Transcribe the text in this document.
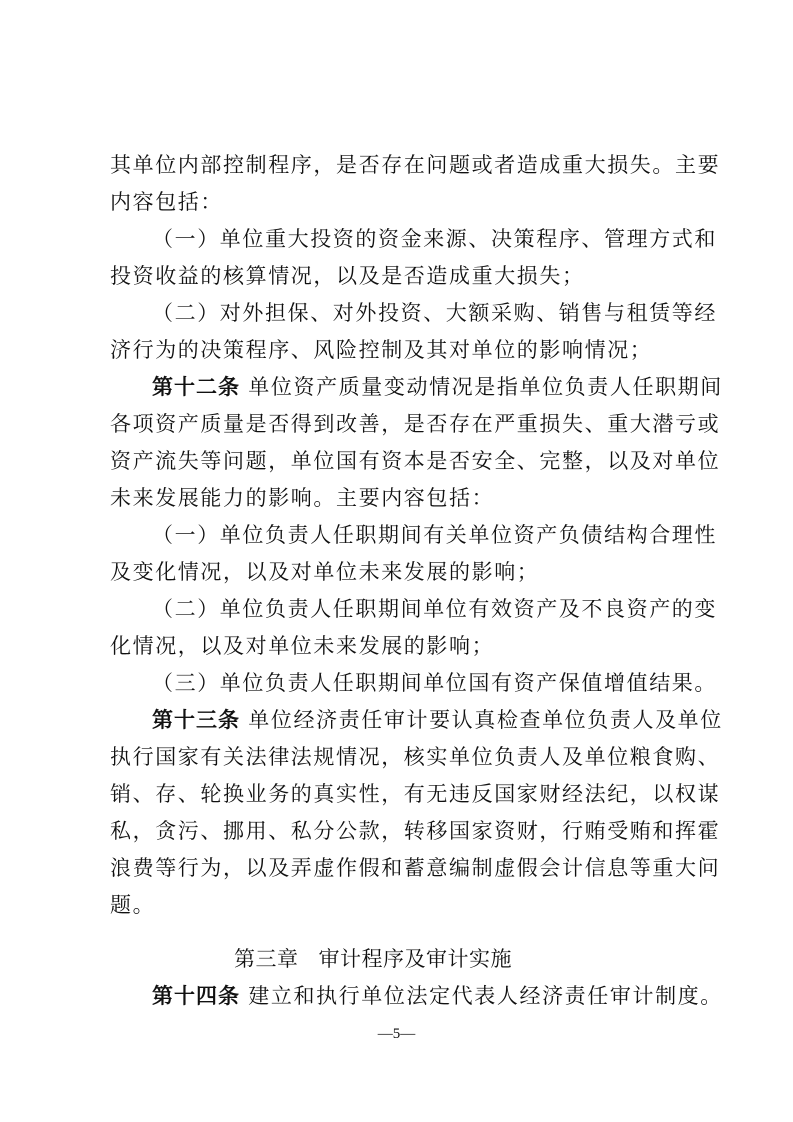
其单位内部控制程序，是否存在问题或者造成重大损失。主要
内容包括：
（一）单位重大投资的资金来源、决策程序、管理方式和
投资收益的核算情况，以及是否造成重大损失；
（二）对外担保、对外投资、大额采购、销售与租赁等经
济行为的决策程序、风险控制及其对单位的影响情况；
第十二条 单位资产质量变动情况是指单位负责人任职期间
各项资产质量是否得到改善，是否存在严重损失、重大潜亏或
资产流失等问题，单位国有资本是否安全、完整，以及对单位
未来发展能力的影响。主要内容包括：
（一）单位负责人任职期间有关单位资产负债结构合理性
及变化情况，以及对单位未来发展的影响；
（二）单位负责人任职期间单位有效资产及不良资产的变
化情况，以及对单位未来发展的影响；
（三）单位负责人任职期间单位国有资产保值增值结果。
第十三条 单位经济责任审计要认真检查单位负责人及单位
执行国家有关法律法规情况，核实单位负责人及单位粮食购、
销、存、轮换业务的真实性，有无违反国家财经法纪，以权谋
私，贪污、挪用、私分公款，转移国家资财，行贿受贿和挥霍
浪费等行为，以及弄虚作假和蓄意编制虚假会计信息等重大问
题。
第三章 审计程序及审计实施
第十四条 建立和执行单位法定代表人经济责任审计制度。
—5—
